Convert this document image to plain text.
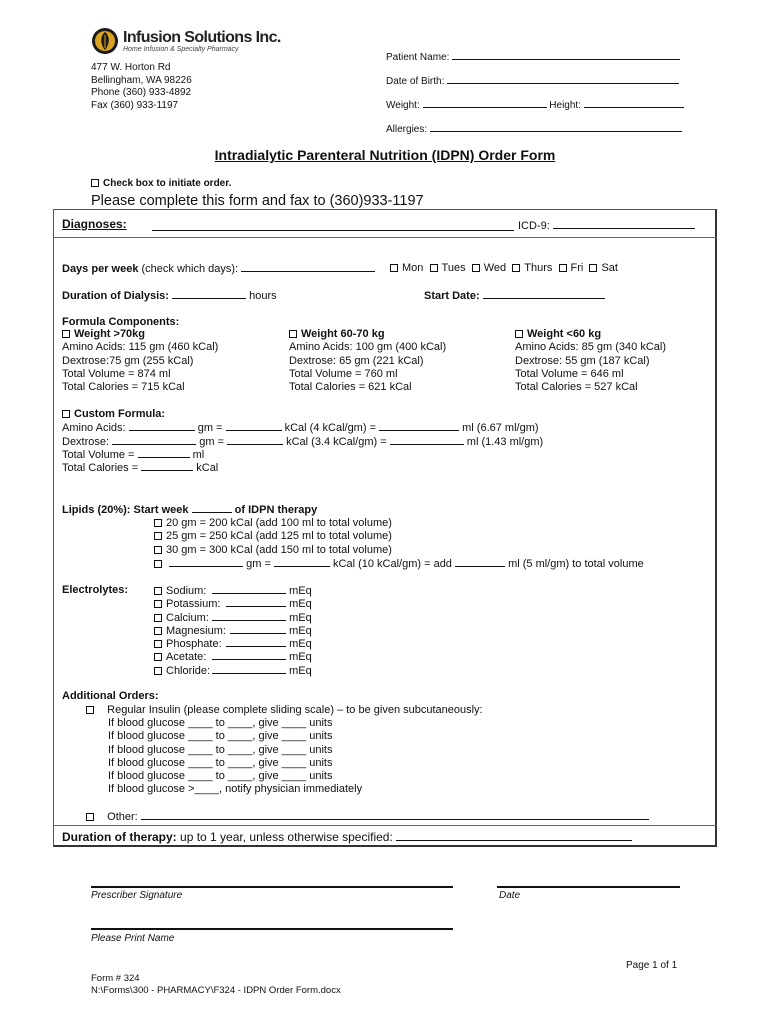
Infusion Solutions Inc.
Home Infusion & Specialty Pharmacy
477 W. Horton Rd
Bellingham, WA 98226
Phone (360) 933-4892
Fax (360) 933-1197
Patient Name:
Date of Birth:
Weight:	Height:
Allergies:
Intradialytic Parenteral Nutrition (IDPN) Order Form
Check box to initiate order.
Please complete this form and fax to (360)933-1197
Diagnoses:	ICD-9:
Days per week (check which days):	Mon Tues Wed Thurs Fri Sat
Duration of Dialysis:	hours	Start Date:
Formula Components:
Weight >70kg
Amino Acids: 115 gm (460 kCal)
Dextrose:75 gm (255 kCal)
Total Volume = 874 ml
Total Calories = 715 kCal
Weight 60-70 kg
Amino Acids: 100 gm (400 kCal)
Dextrose: 65 gm (221 kCal)
Total Volume = 760 ml
Total Calories = 621 kCal
Weight <60 kg
Amino Acids: 85 gm (340 kCal)
Dextrose: 55 gm (187 kCal)
Total Volume = 646 ml
Total Calories = 527 kCal
Custom Formula:
Amino Acids:	gm =	kCal (4 kCal/gm) =	ml (6.67 ml/gm)
Dextrose:	gm =	kCal (3.4 kCal/gm) =	ml (1.43 ml/gm)
Total Volume =	ml
Total Calories =	kCal
Lipids (20%): Start week	of IDPN therapy
20 gm = 200 kCal (add 100 ml to total volume)
25 gm = 250 kCal (add 125 ml to total volume)
30 gm = 300 kCal (add 150 ml to total volume)
gm =	kCal (10 kCal/gm) = add	ml (5 ml/gm) to total volume
Electrolytes:	Sodium:	mEq
Potassium:	mEq
Calcium:	mEq
Magnesium:	mEq
Phosphate:	mEq
Acetate:	mEq
Chloride:	mEq
Additional Orders:
Regular Insulin (please complete sliding scale) – to be given subcutaneously:
If blood glucose ____ to ____, give ____ units
If blood glucose ____ to ____, give ____ units
If blood glucose ____ to ____, give ____ units
If blood glucose ____ to ____, give ____ units
If blood glucose ____ to ____, give ____ units
If blood glucose >____, notify physician immediately
Other:
Duration of therapy: up to 1 year, unless otherwise specified:
Prescriber Signature	Date
Please Print Name
Page 1 of 1
Form # 324
N:\Forms\300 - PHARMACY\F324 - IDPN Order Form.docx
